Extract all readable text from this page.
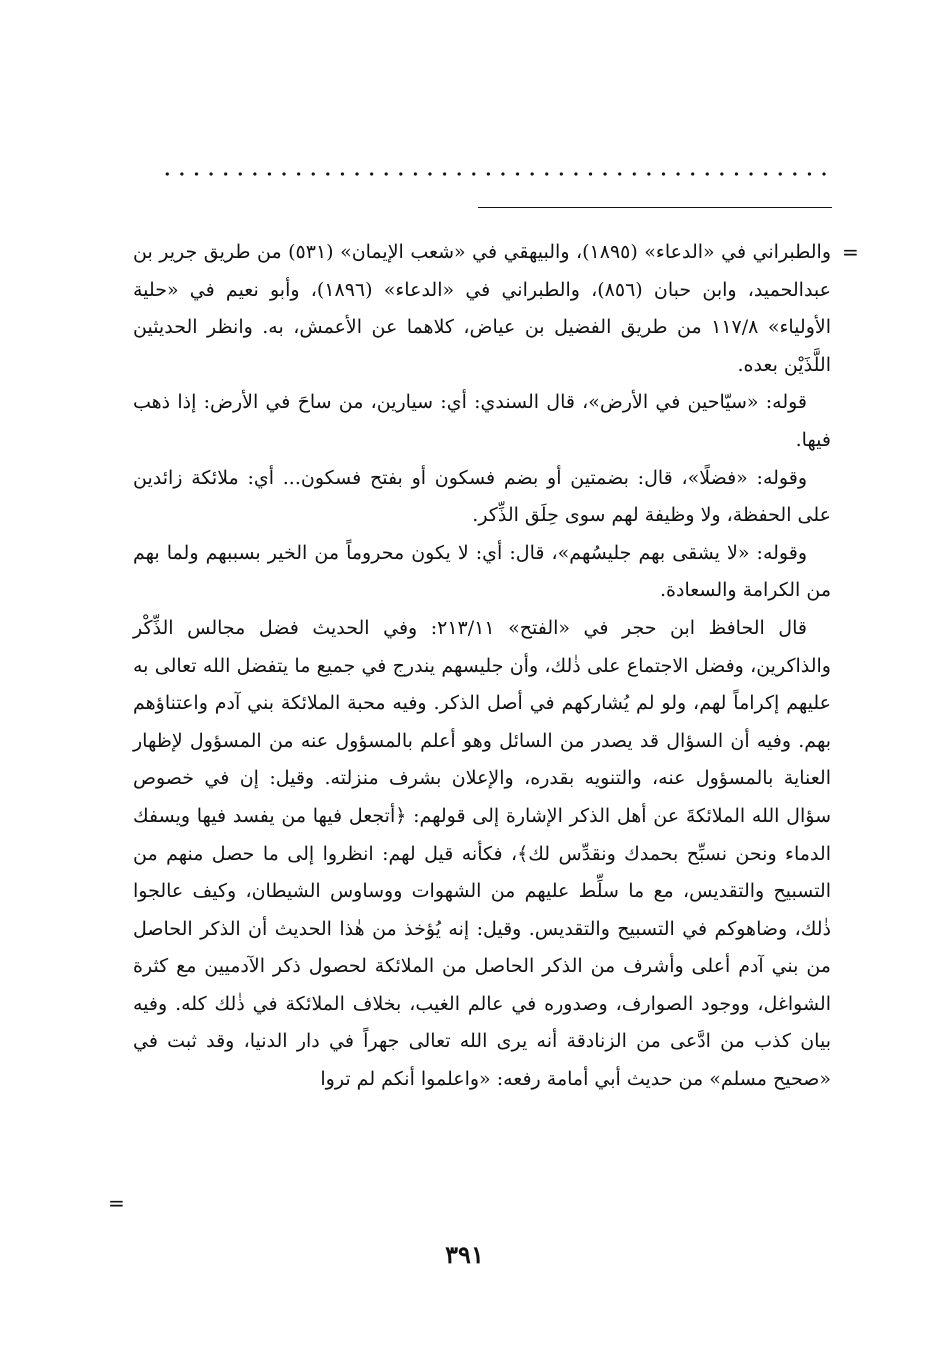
=

والطبراني في «الدعاء» (١٨٩٥)، والبيهقي في «شعب الإيمان» (٥٣١) من طريق جرير بن عبدالحميد، وابن حبان (٨٥٦)، والطبراني في «الدعاء» (١٨٩٦)، وأبو نعيم في «حلية الأولياء» ١١٧/٨ من طريق الفضيل بن عياض، كلاهما عن الأعمش، به. وانظر الحديثين اللَّذَيْن بعده.

قوله: «سيّاحين في الأرض»، قال السندي: أي: سيارين، من ساحَ في الأرض: إذا ذهب فيها.

وقوله: «فضلًا»، قال: بضمتين أو بضم فسكون أو بفتح فسكون... أي: ملائكة زائدين على الحفظة، ولا وظيفة لهم سوى حِلَق الذِّكر.

وقوله: «لا يشقى بهم جليسُهم»، قال: أي: لا يكون محروماً من الخير بسببهم ولما بهم من الكرامة والسعادة.

قال الحافظ ابن حجر في «الفتح» ٢١٣/١١: وفي الحديث فضل مجالس الذِّكْر والذاكرين، وفضل الاجتماع على ذٰلك، وأن جليسهم يندرج في جميع ما يتفضل الله تعالى به عليهم إكراماً لهم، ولو لم يُشاركهم في أصل الذكر. وفيه محبة الملائكة بني آدم واعتناؤهم بهم. وفيه أن السؤال قد يصدر من السائل وهو أعلم بالمسؤول عنه من المسؤول لإظهار العناية بالمسؤول عنه، والتنويه بقدره، والإعلان بشرف منزلته. وقيل: إن في خصوص سؤال الله الملائكةَ عن أهل الذكر الإشارة إلى قولهم: ﴿أتجعل فيها من يفسد فيها ويسفك الدماء ونحن نسبِّح بحمدك ونقدِّس لك﴾، فكأنه قيل لهم: انظروا إلى ما حصل منهم من التسبيح والتقديس، مع ما سلِّط عليهم من الشهوات ووساوس الشيطان، وكيف عالجوا ذٰلك، وضاهوكم في التسبيح والتقديس. وقيل: إنه يُؤخذ من هٰذا الحديث أن الذكر الحاصل من بني آدم أعلى وأشرف من الذكر الحاصل من الملائكة لحصول ذكر الآدميين مع كثرة الشواغل، ووجود الصوارف، وصدوره في عالم الغيب، بخلاف الملائكة في ذٰلك كله. وفيه بيان كذب من ادَّعى من الزنادقة أنه يرى الله تعالى جهراً في دار الدنيا، وقد ثبت في «صحيح مسلم» من حديث أبي أمامة رفعه: «واعلموا أنكم لم تروا

=
٣٩١
